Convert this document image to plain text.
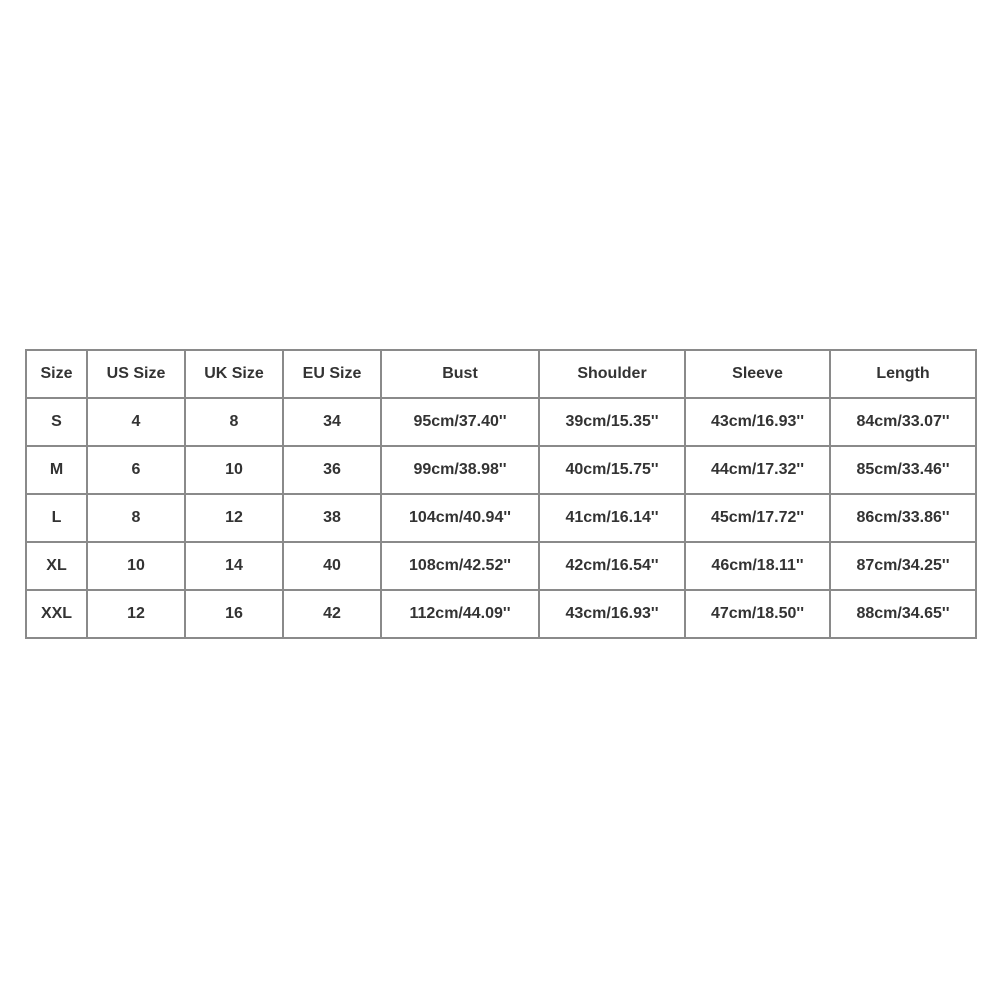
Size	US Size	UK Size	EU Size	Bust	Shoulder	Sleeve	Length
S	4	8	34	95cm/37.40''	39cm/15.35''	43cm/16.93''	84cm/33.07''
M	6	10	36	99cm/38.98''	40cm/15.75''	44cm/17.32''	85cm/33.46''
L	8	12	38	104cm/40.94''	41cm/16.14''	45cm/17.72''	86cm/33.86''
XL	10	14	40	108cm/42.52''	42cm/16.54''	46cm/18.11''	87cm/34.25''
XXL	12	16	42	112cm/44.09''	43cm/16.93''	47cm/18.50''	88cm/34.65''
